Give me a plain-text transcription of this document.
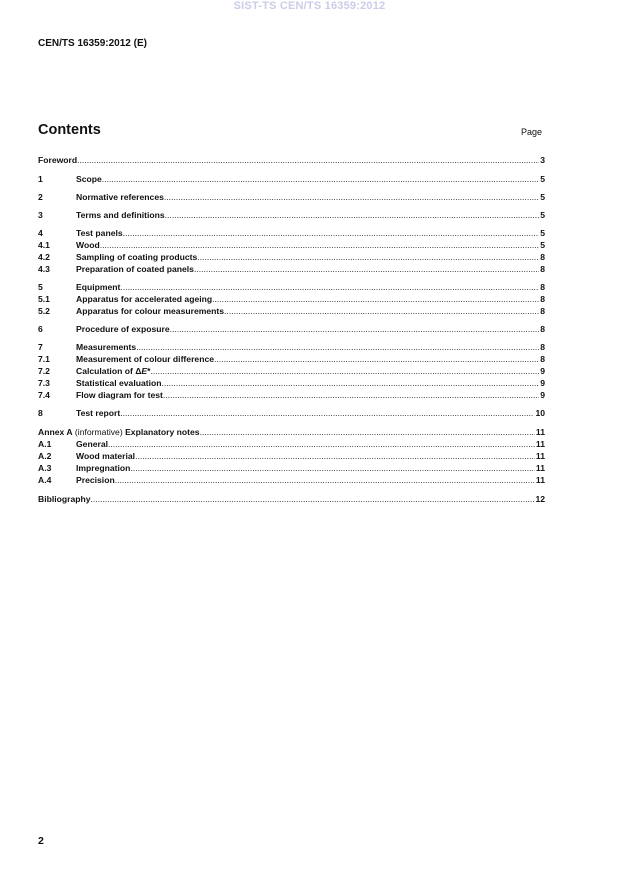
SIST-TS CEN/TS 16359:2012
CEN/TS 16359:2012 (E)
Contents	Page
Foreword .....	3
1	Scope .....	5
2	Normative references .....	5
3	Terms and definitions .....	5
4	Test panels .....	5
4.1	Wood .....	5
4.2	Sampling of coating products .....	8
4.3	Preparation of coated panels .....	8
5	Equipment .....	8
5.1	Apparatus for accelerated ageing .....	8
5.2	Apparatus for colour measurements .....	8
6	Procedure of exposure .....	8
7	Measurements .....	8
7.1	Measurement of colour difference .....	8
7.2	Calculation of ΔE* .....	9
7.3	Statistical evaluation .....	9
7.4	Flow diagram for test .....	9
8	Test report .....	10
Annex A (informative) Explanatory notes .....	11
A.1	General .....	11
A.2	Wood material .....	11
A.3	Impregnation .....	11
A.4	Precision .....	11
Bibliography .....	12
2
